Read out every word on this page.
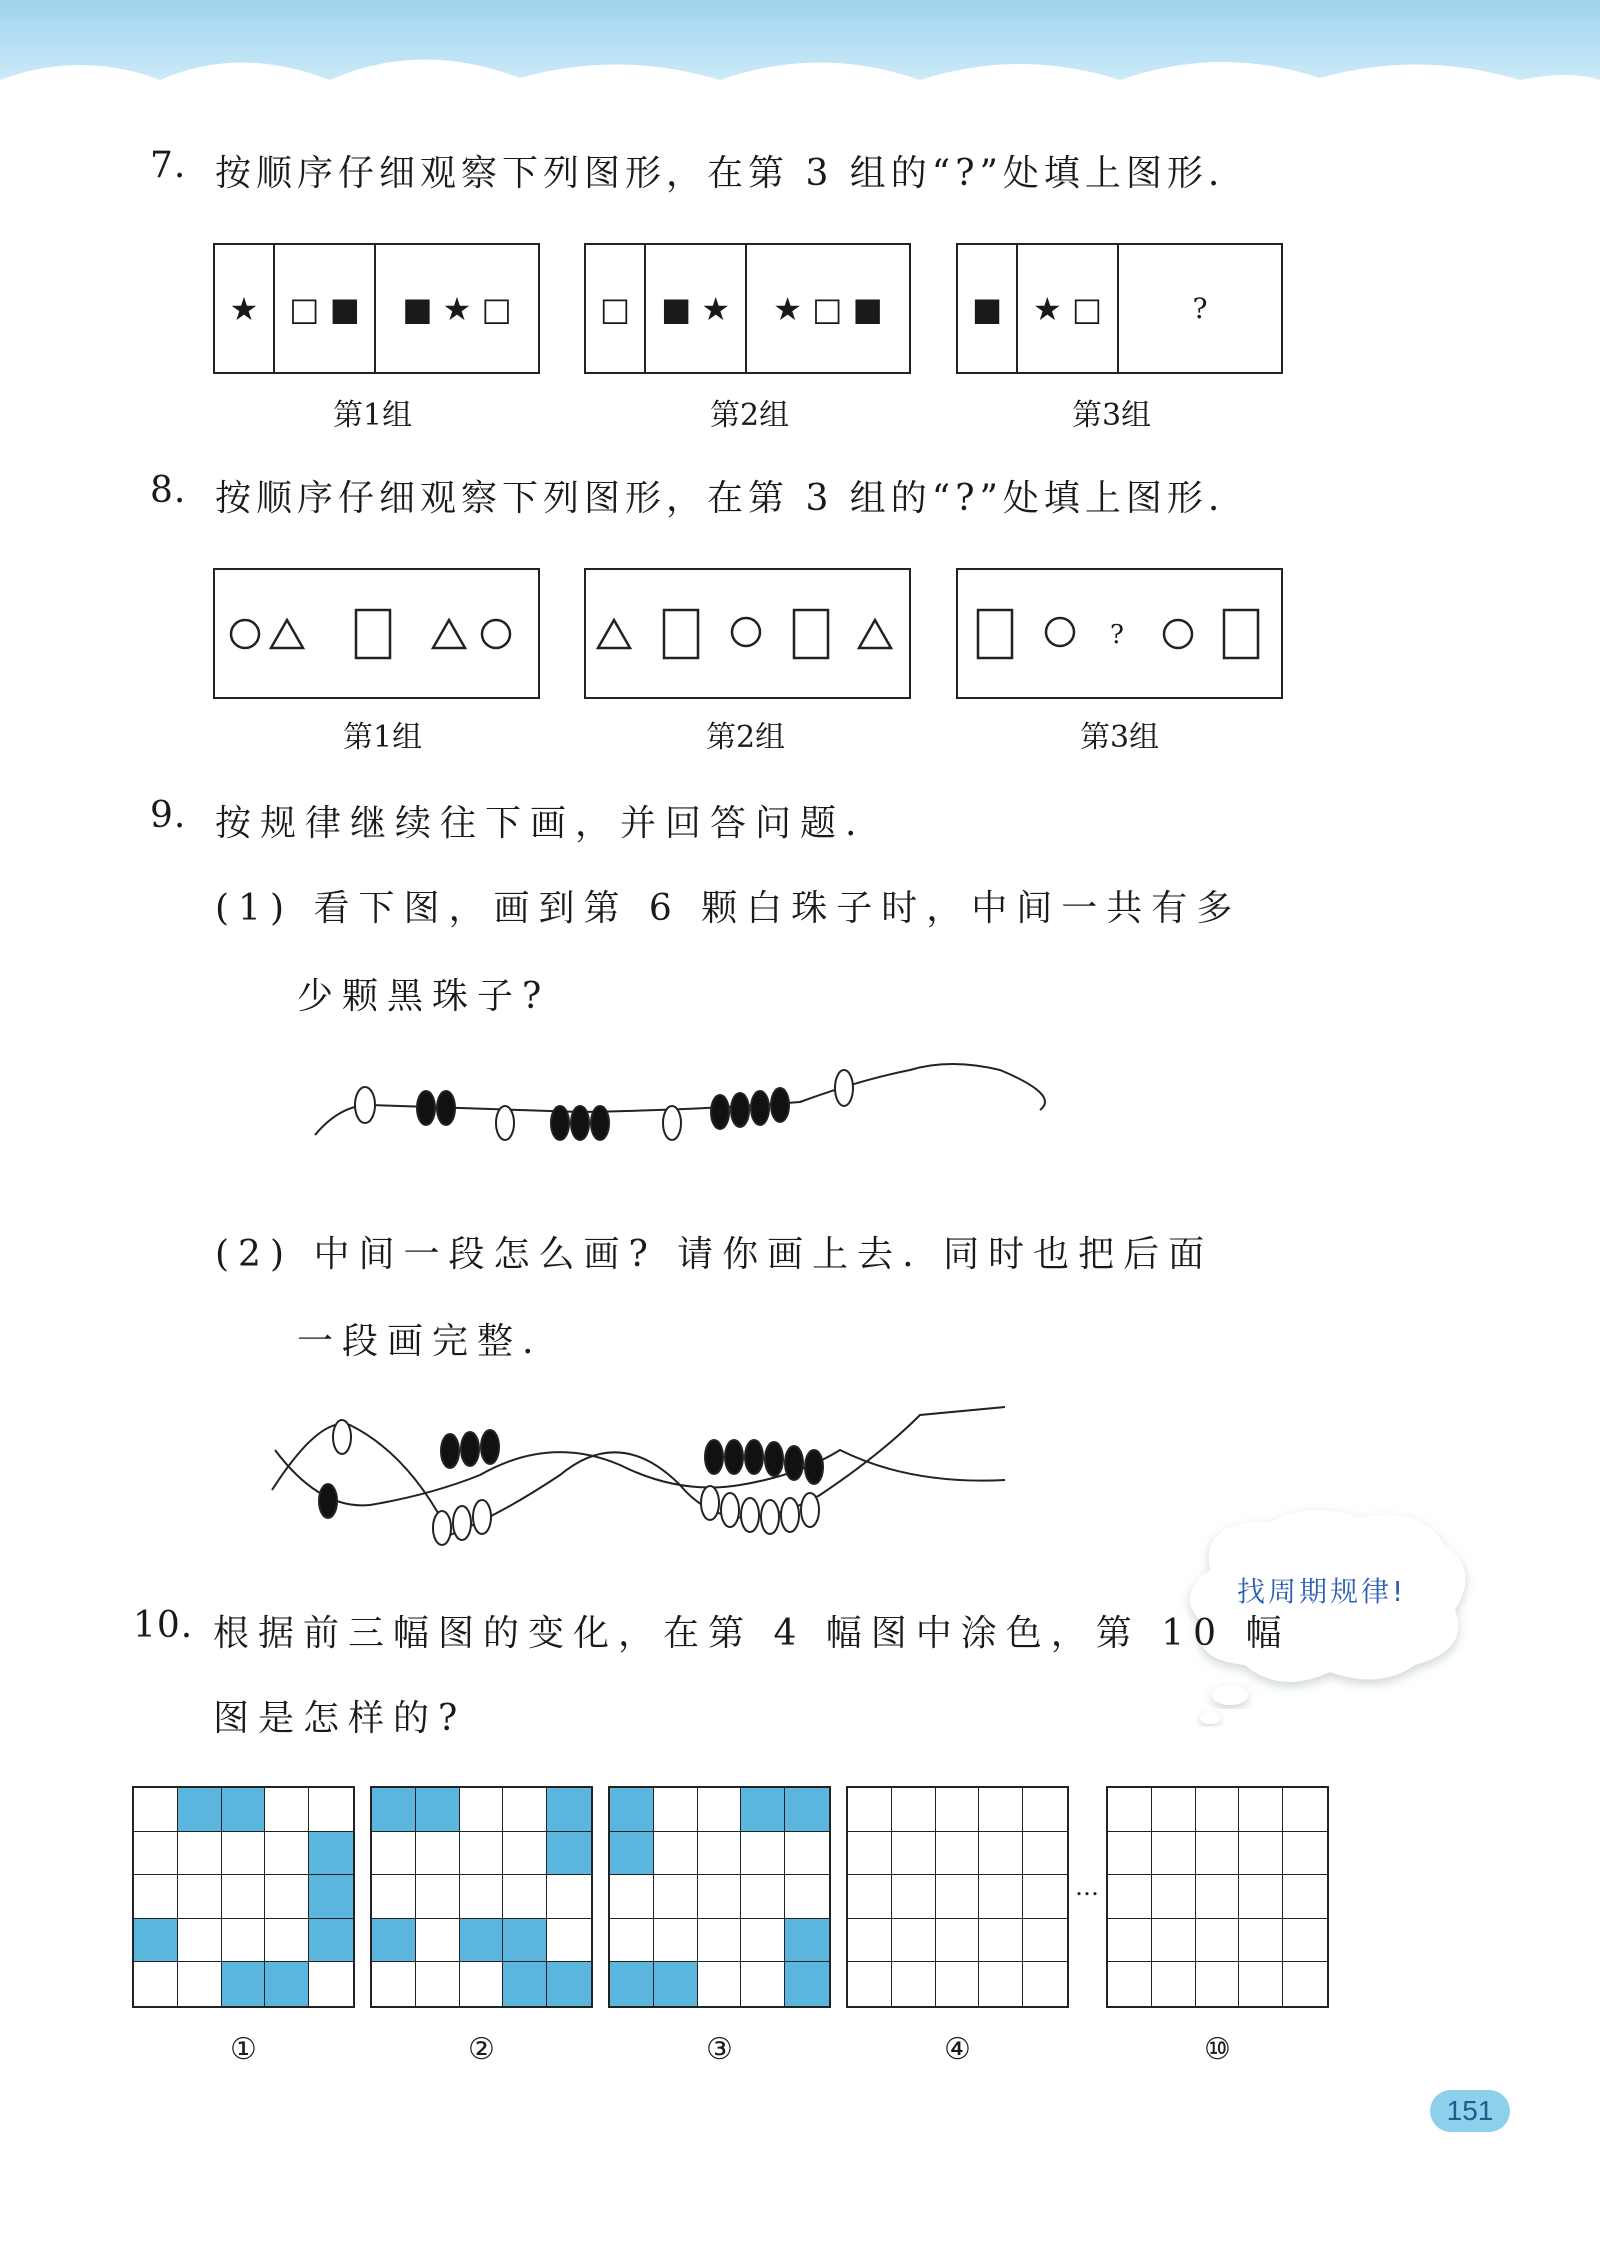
7. 按顺序仔细观察下列图形，在第 3 组的“?”处填上图形.
★ □ ■	■ ★ □
第1组
□ ■ ★	★ □ ■
第2组
■ ★ □	?
第3组
8. 按顺序仔细观察下列图形，在第 3 组的“?”处填上图形.
第1组	第2组
?
第3组
9. 按规律继续往下画，并回答问题.
(1) 看下图，画到第 6 颗白珠子时，中间一共有多
少颗黑珠子?
(2) 中间一段怎么画? 请你画上去. 同时也把后面
一段画完整.
找周期规律!
10. 根据前三幅图的变化，在第 4 幅图中涂色，第 10 幅
图是怎样的?
①	②	③	④
…
⑩
151
